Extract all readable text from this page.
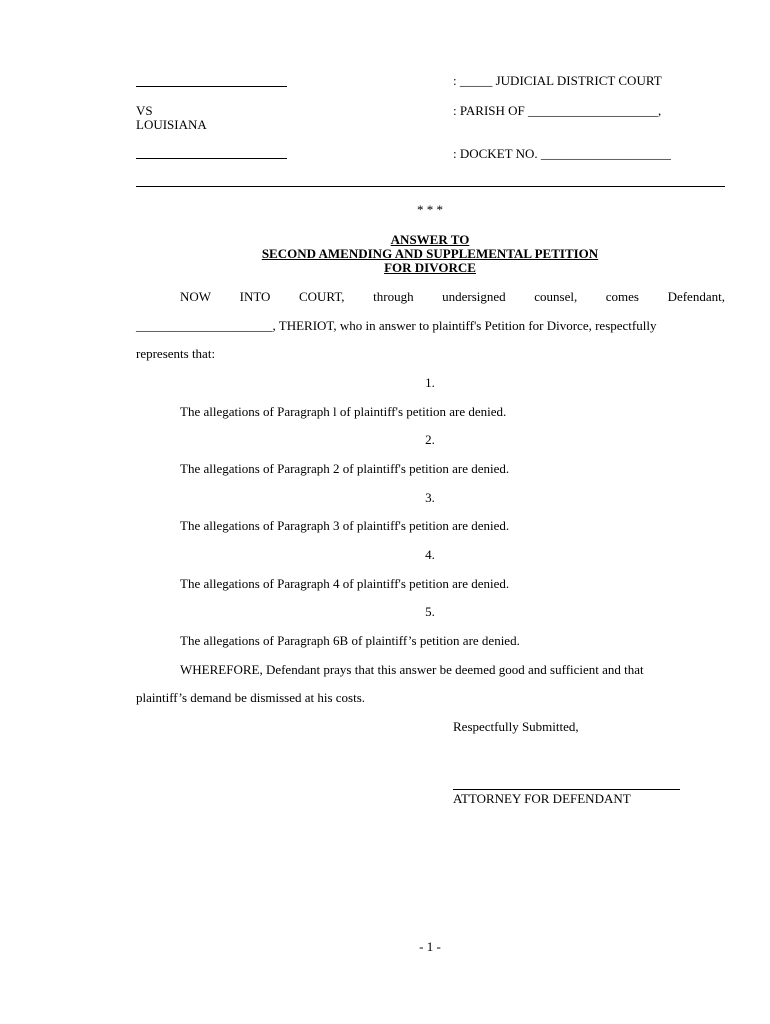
: _____ JUDICIAL DISTRICT COURT
VS	: PARISH OF ____________________,
LOUISIANA
: DOCKET NO. ____________________
* * *
ANSWER TO
SECOND AMENDING AND SUPPLEMENTAL PETITION
FOR DIVORCE
NOW INTO COURT, through undersigned counsel, comes Defendant,
_____________________, THERIOT, who in answer to plaintiff's Petition for Divorce, respectfully
represents that:
1.
The allegations of Paragraph l of plaintiff's petition are denied.
2.
The allegations of Paragraph 2 of plaintiff's petition are denied.
3.
The allegations of Paragraph 3 of plaintiff's petition are denied.
4.
The allegations of Paragraph 4 of plaintiff's petition are denied.
5.
The allegations of Paragraph 6B of plaintiff’s petition are denied.
WHEREFORE, Defendant prays that this answer be deemed good and sufficient and that
plaintiff’s demand be dismissed at his costs.
Respectfully Submitted,
ATTORNEY FOR DEFENDANT
- 1 -
